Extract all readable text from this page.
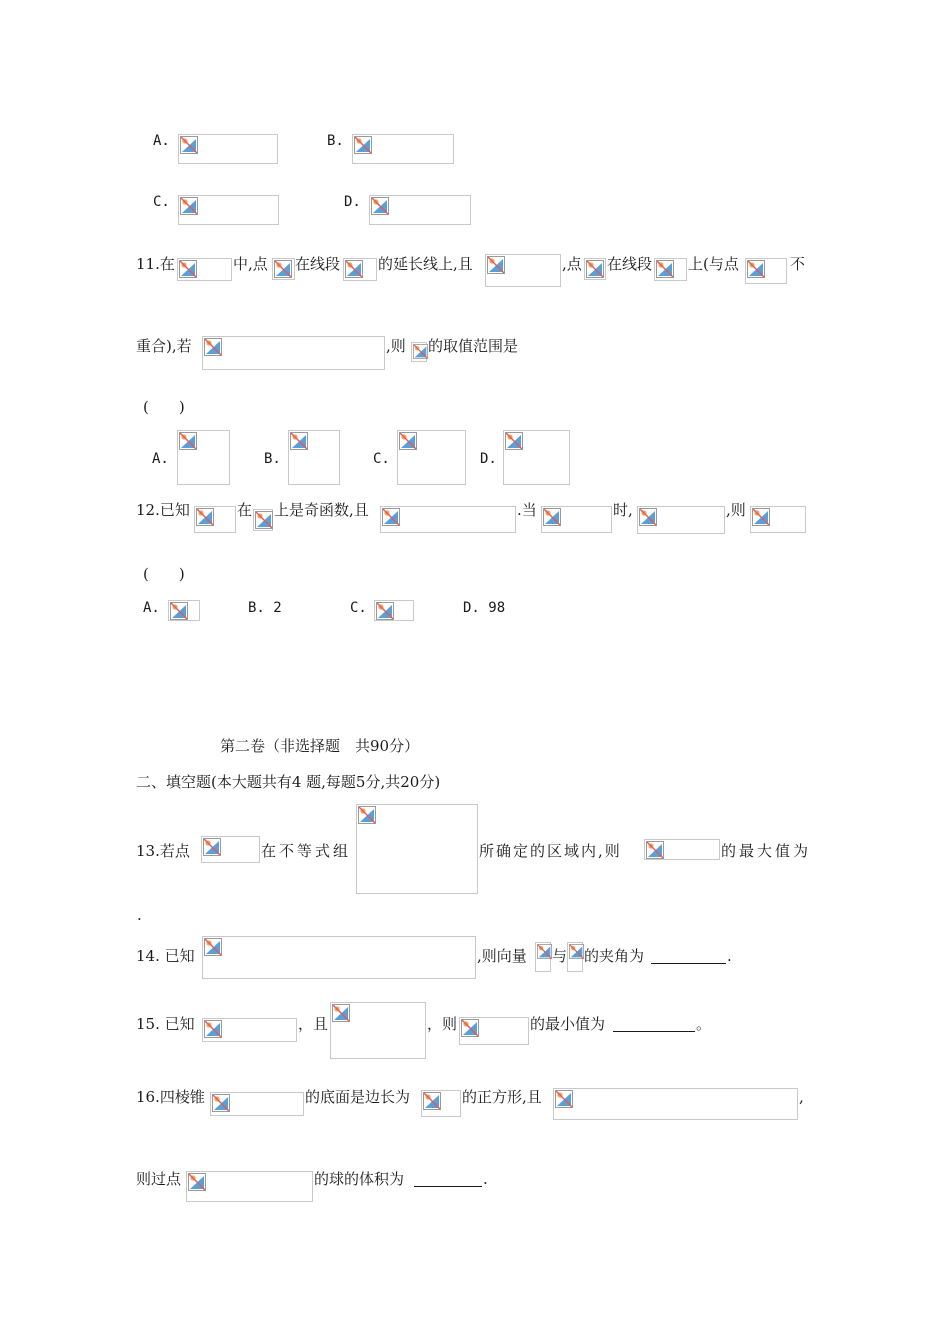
A.	B.
C.	D.
11.在	中,点 在线段	的延长线上,且	,点 在线段 上(与点	不
重合),若	,则 的取值范围是
(　　)
A.	B.	C.	D.
12.已知	在 上是奇函数,且	.当	时,	,则
(　　)
A.	B. 2	C.	D. 98
第二卷（非选择题　共90分）
二、填空题(本大题共有4 题,每题5分,共20分)
13.若点	在不等式组	所确定的区域内,则	的最大值为
.
14. 已知	,则向量 与 的夹角为	.
15. 已知	，且	，则	的最小值为	。
16.四棱锥	的底面是边长为	的正方形,且	,
则过点	的球的体积为	.
